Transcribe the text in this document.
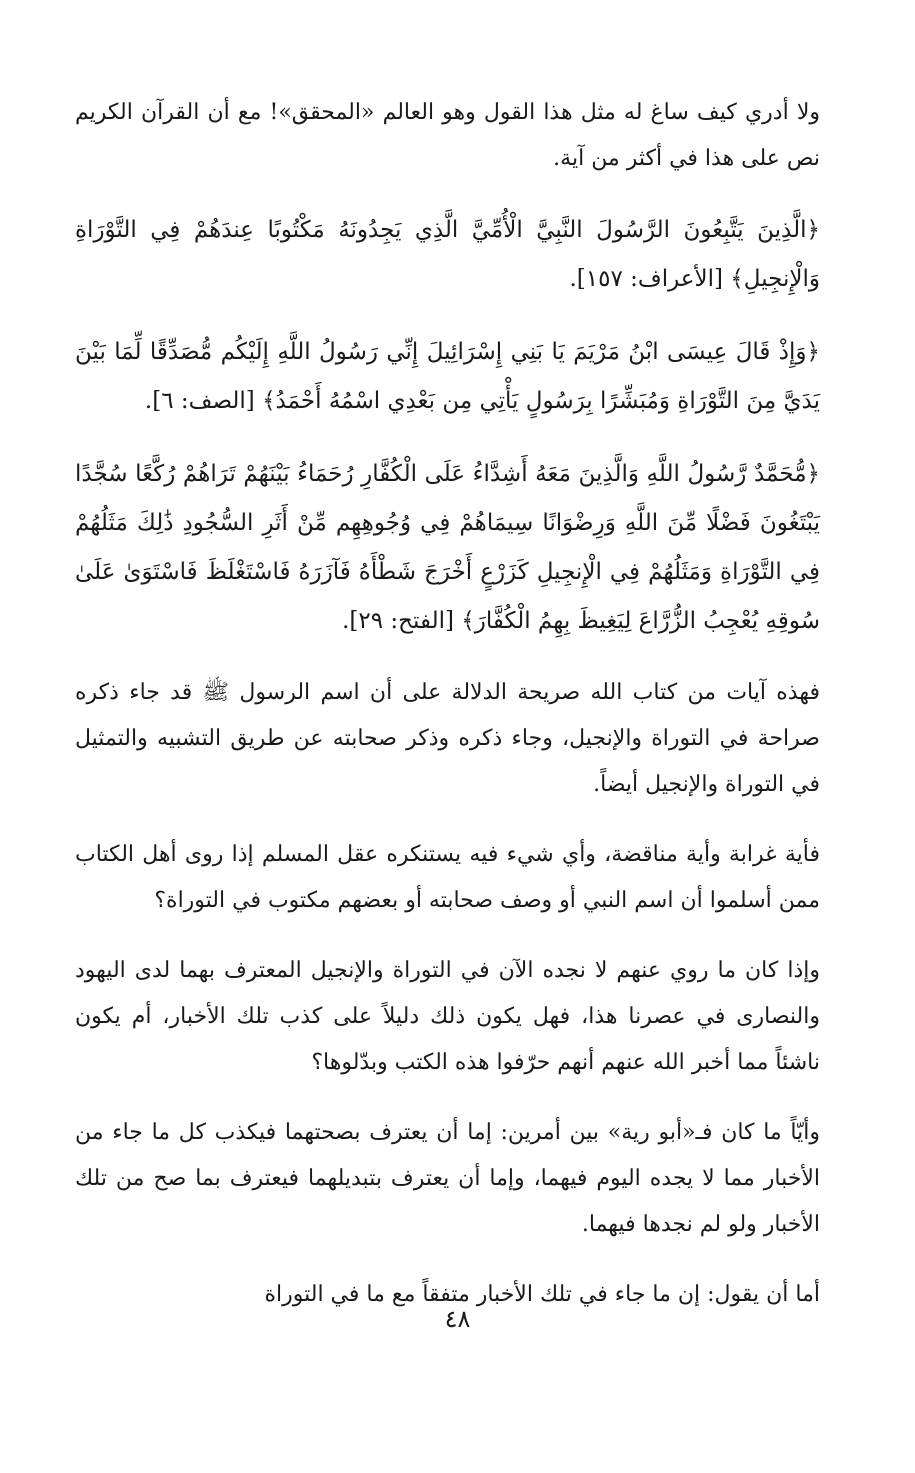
ولا أدري كيف ساغ له مثل هذا القول وهو العالم «المحقق»! مع أن القرآن الكريم نص على هذا في أكثر من آية.

﴿الَّذِينَ يَتَّبِعُونَ الرَّسُولَ النَّبِيَّ الْأُمِّيَّ الَّذِي يَجِدُونَهُ مَكْتُوبًا عِندَهُمْ فِي التَّوْرَاةِ وَالْإِنجِيلِ﴾ [الأعراف: ١٥٧].

﴿وَإِذْ قَالَ عِيسَى ابْنُ مَرْيَمَ يَا بَنِي إِسْرَائِيلَ إِنِّي رَسُولُ اللَّهِ إِلَيْكُم مُّصَدِّقًا لِّمَا بَيْنَ يَدَيَّ مِنَ التَّوْرَاةِ وَمُبَشِّرًا بِرَسُولٍ يَأْتِي مِن بَعْدِي اسْمُهُ أَحْمَدُ﴾ [الصف: ٦].

﴿مُّحَمَّدٌ رَّسُولُ اللَّهِ وَالَّذِينَ مَعَهُ أَشِدَّاءُ عَلَى الْكُفَّارِ رُحَمَاءُ بَيْنَهُمْ تَرَاهُمْ رُكَّعًا سُجَّدًا يَبْتَغُونَ فَضْلًا مِّنَ اللَّهِ وَرِضْوَانًا سِيمَاهُمْ فِي وُجُوهِهِم مِّنْ أَثَرِ السُّجُودِ ذَٰلِكَ مَثَلُهُمْ فِي التَّوْرَاةِ وَمَثَلُهُمْ فِي الْإِنجِيلِ كَزَرْعٍ أَخْرَجَ شَطْأَهُ فَآزَرَهُ فَاسْتَغْلَظَ فَاسْتَوَىٰ عَلَىٰ سُوقِهِ يُعْجِبُ الزُّرَّاعَ لِيَغِيظَ بِهِمُ الْكُفَّارَ﴾ [الفتح: ٢٩].

فهذه آيات من كتاب الله صريحة الدلالة على أن اسم الرسول ﷺ قد جاء ذكره صراحة في التوراة والإنجيل، وجاء ذكره وذكر صحابته عن طريق التشبيه والتمثيل في التوراة والإنجيل أيضاً.

فأية غرابة وأية مناقضة، وأي شيء فيه يستنكره عقل المسلم إذا روى أهل الكتاب ممن أسلموا أن اسم النبي أو وصف صحابته أو بعضهم مكتوب في التوراة؟

وإذا كان ما روي عنهم لا نجده الآن في التوراة والإنجيل المعترف بهما لدى اليهود والنصارى في عصرنا هذا، فهل يكون ذلك دليلاً على كذب تلك الأخبار، أم يكون ناشئاً مما أخبر الله عنهم أنهم حرّفوا هذه الكتب وبدّلوها؟

وأيّاً ما كان فـ«أبو رية» بين أمرين: إما أن يعترف بصحتهما فيكذب كل ما جاء من الأخبار مما لا يجده اليوم فيهما، وإما أن يعترف بتبديلهما فيعترف بما صح من تلك الأخبار ولو لم نجدها فيهما.

أما أن يقول: إن ما جاء في تلك الأخبار متفقاً مع ما في التوراة

٤٨
